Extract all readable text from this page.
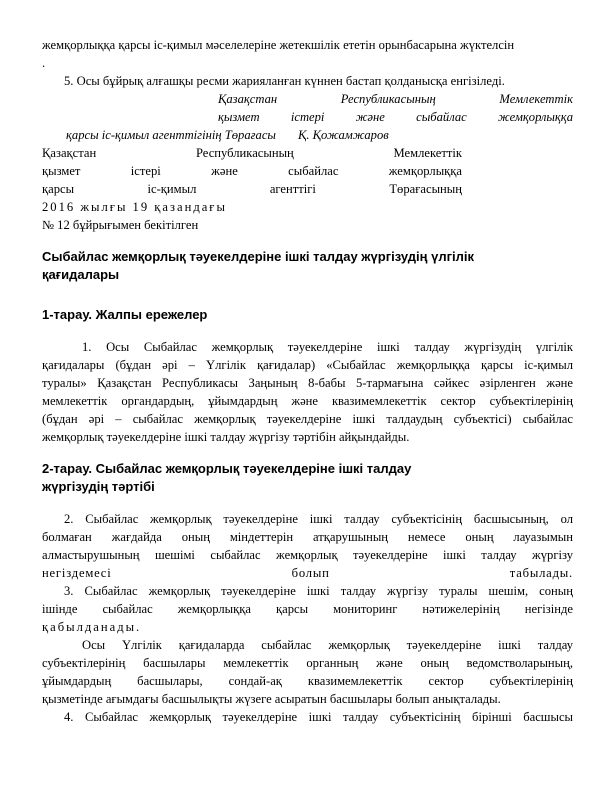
жемқорлыққа қарсы іс-қимыл мәселелеріне жетекшілік ететін орынбасарына жүктелсін

.

5. Осы бұйрық алғашқы ресми жарияланған күннен бастап қолданысқа енгізіледі.

Қазақстан Республикасының Мемлекеттік

қызмет істері және сыбайлас жемқорлыққа

қарсы іс-қимыл агенттігінің Төрағасы Қ. Қожамжаров

Қазақстан Республикасының Мемлекеттік

қызмет істері және сыбайлас жемқорлыққа

қарсы іс-қимыл агенттігі Төрағасының

2016 жылғы 19 қазандағы

№ 12 бұйрығымен бекітілген

Сыбайлас жемқорлық тәуекелдеріне ішкі талдау жүргізудің үлгілік

қағидалары

1-тарау. Жалпы ережелер

1. Осы Сыбайлас жемқорлық тәуекелдеріне ішкі талдау жүргізудің үлгілік

қағидалары (бұдан әрі – Үлгілік қағидалар) «Сыбайлас жемқорлыққа қарсы іс-қимыл

туралы» Қазақстан Республикасы Заңының 8-бабы 5-тармағына сәйкес әзірленген және

мемлекеттік органдардың, ұйымдардың және квазимемлекеттік сектор субъектілерінің

(бұдан әрі – сыбайлас жемқорлық тәуекелдеріне ішкі талдаудың субъектісі) сыбайлас

жемқорлық тәуекелдеріне ішкі талдау жүргізу тәртібін айқындайды.

2-тарау. Сыбайлас жемқорлық тәуекелдеріне ішкі талдау

жүргізудің тәртібі

2. Сыбайлас жемқорлық тәуекелдеріне ішкі талдау субъектісінің басшысының, ол

болмаған жағдайда оның міндеттерін атқарушының немесе оның лауазымын

алмастырушының шешімі сыбайлас жемқорлық тәуекелдеріне ішкі талдау жүргізу

негіздемесі болып табылады.

3. Сыбайлас жемқорлық тәуекелдеріне ішкі талдау жүргізу туралы шешім, соның

ішінде сыбайлас жемқорлыққа қарсы мониторинг нәтижелерінің негізінде

қабылданады.

Осы Үлгілік қағидаларда сыбайлас жемқорлық тәуекелдеріне ішкі талдау

субъектілерінің басшылары мемлекеттік органның және оның ведомстволарының,

ұйымдардың басшылары, сондай-ақ квазимемлекеттік сектор субъектілерінің

қызметінде ағымдағы басшылықты жүзеге асыратын басшылары болып анықталады.

4. Сыбайлас жемқорлық тәуекелдеріне ішкі талдау субъектісінің бірінші басшысы
